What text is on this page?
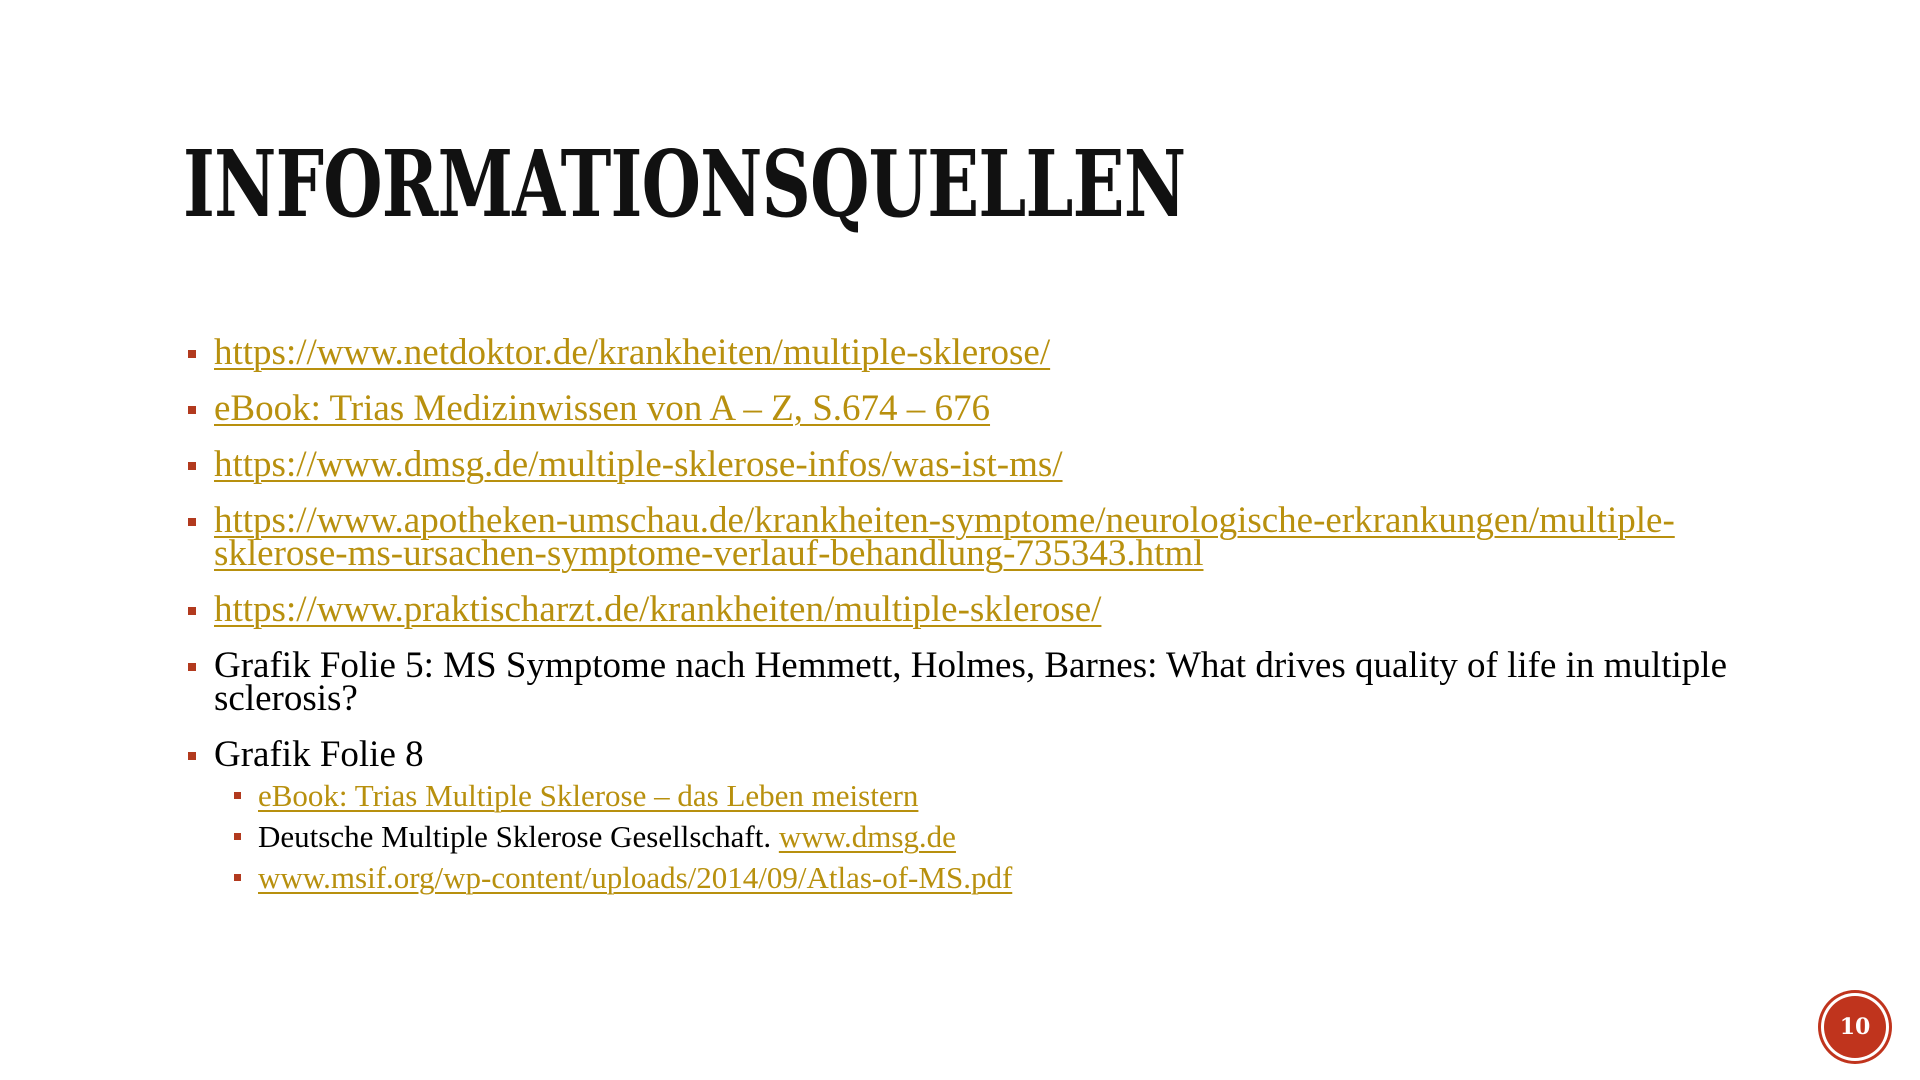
INFORMATIONSQUELLEN
https://www.netdoktor.de/krankheiten/multiple-sklerose/
eBook: Trias Medizinwissen von A – Z, S.674 – 676
https://www.dmsg.de/multiple-sklerose-infos/was-ist-ms/
https://www.apotheken-umschau.de/krankheiten-symptome/neurologische-erkrankungen/multiple-sklerose-ms-ursachen-symptome-verlauf-behandlung-735343.html
https://www.praktischarzt.de/krankheiten/multiple-sklerose/
Grafik Folie 5: MS Symptome nach Hemmett, Holmes, Barnes: What drives quality of life in multiple sclerosis?
Grafik Folie 8
eBook: Trias Multiple Sklerose – das Leben meistern
Deutsche Multiple Sklerose Gesellschaft. www.dmsg.de
www.msif.org/wp-content/uploads/2014/09/Atlas-of-MS.pdf
10
